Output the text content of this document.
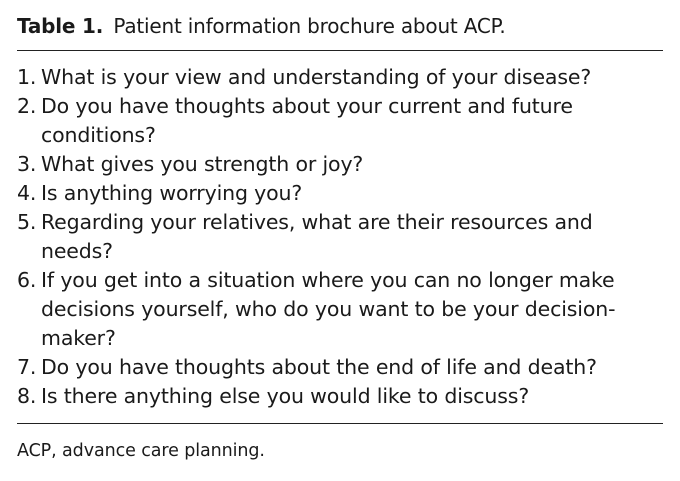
Table 1. Patient information brochure about ACP.
1. What is your view and understanding of your disease?
2. Do you have thoughts about your current and future conditions?
3. What gives you strength or joy?
4. Is anything worrying you?
5. Regarding your relatives, what are their resources and needs?
6. If you get into a situation where you can no longer make decisions yourself, who do you want to be your decision-maker?
7. Do you have thoughts about the end of life and death?
8. Is there anything else you would like to discuss?
ACP, advance care planning.
